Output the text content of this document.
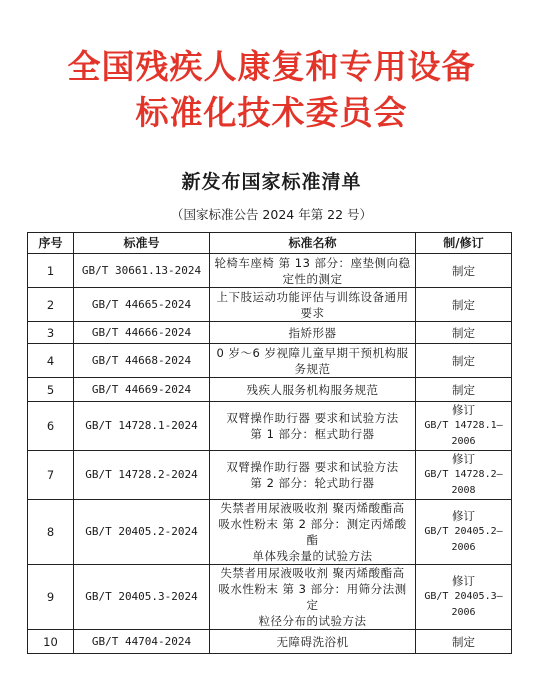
全国残疾人康复和专用设备
标准化技术委员会
新发布国家标准清单
（国家标准公告 2024 年第 22 号）
序号	标准号	标准名称	制/修订
1	GB/T 30661.13-2024	轮椅车座椅 第 13 部分：座垫侧向稳
定性的测定	制定

2	GB/T 44665-2024	上下肢运动功能评估与训练设备通用
要求	制定

3	GB/T 44666-2024	指矫形器	制定

4	GB/T 44668-2024	0 岁～6 岁视障儿童早期干预机构服
务规范	制定

5	GB/T 44669-2024	残疾人服务机构服务规范	制定

6	GB/T 14728.1-2024	双臂操作助行器 要求和试验方法
第 1 部分：框式助行器	修订
GB/T 14728.1—2006

7	GB/T 14728.2-2024	双臂操作助行器 要求和试验方法
第 2 部分：轮式助行器	修订
GB/T 14728.2—2008

8	GB/T 20405.2-2024	失禁者用尿液吸收剂 聚丙烯酸酯高
吸水性粉末 第 2 部分：测定丙烯酸酯
单体残余量的试验方法	修订
GB/T 20405.2—2006

9	GB/T 20405.3-2024	失禁者用尿液吸收剂 聚丙烯酸酯高
吸水性粉末 第 3 部分：用筛分法测定
粒径分布的试验方法	修订
GB/T 20405.3—2006

10	GB/T 44704-2024	无障碍洗浴机	制定
